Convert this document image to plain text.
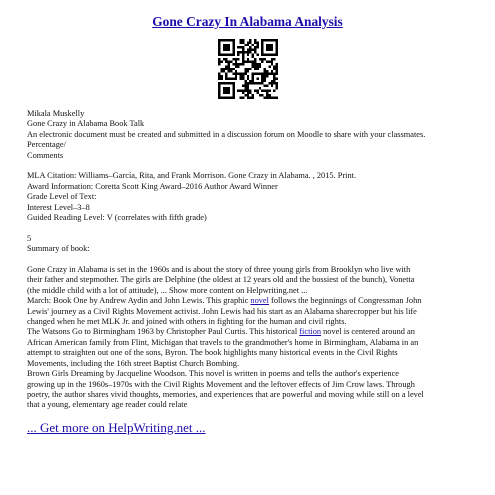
Gone Crazy In Alabama Analysis
Mikala Muskelly
Gone Crazy in Alabama Book Talk
An electronic document must be created and submitted in a discussion forum on Moodle to share with your classmates.
Percentage/
Comments
MLA Citation: Williams–García, Rita, and Frank Morrison. Gone Crazy in Alabama. , 2015. Print.
Award Information: Coretta Scott King Award–2016 Author Award Winner
Grade Level of Text:
Interest Level–3–8
Guided Reading Level: V (correlates with fifth grade)
5
Summary of book:
Gone Crazy in Alabama is set in the 1960s and is about the story of three young girls from Brooklyn who live with
their father and stepmother. The girls are Delphine (the oldest at 12 years old and the bossiest of the bunch), Vonetta
(the middle child with a lot of attitude), ... Show more content on Helpwriting.net ...
March: Book One by Andrew Aydin and John Lewis. This graphic novel follows the beginnings of Congressman John
Lewis' journey as a Civil Rights Movement activist. John Lewis had his start as an Alabama sharecropper but his life
changed when he met MLK Jr. and joined with others in fighting for the human and civil rights.
The Watsons Go to Birmingham 1963 by Christopher Paul Curtis. This historical fiction novel is centered around an
African American family from Flint, Michigan that travels to the grandmother's home in Birmingham, Alabama in an
attempt to straighten out one of the sons, Byron. The book highlights many historical events in the Civil Rights
Movements, including the 16th street Baptist Church Bombing.
Brown Girls Dreaming by Jacqueline Woodson. This novel is written in poems and tells the author's experience
growing up in the 1960s–1970s with the Civil Rights Movement and the leftover effects of Jim Crow laws. Through
poetry, the author shares vivid thoughts, memories, and experiences that are powerful and moving while still on a level
that a young, elementary age reader could relate
... Get more on HelpWriting.net ...
